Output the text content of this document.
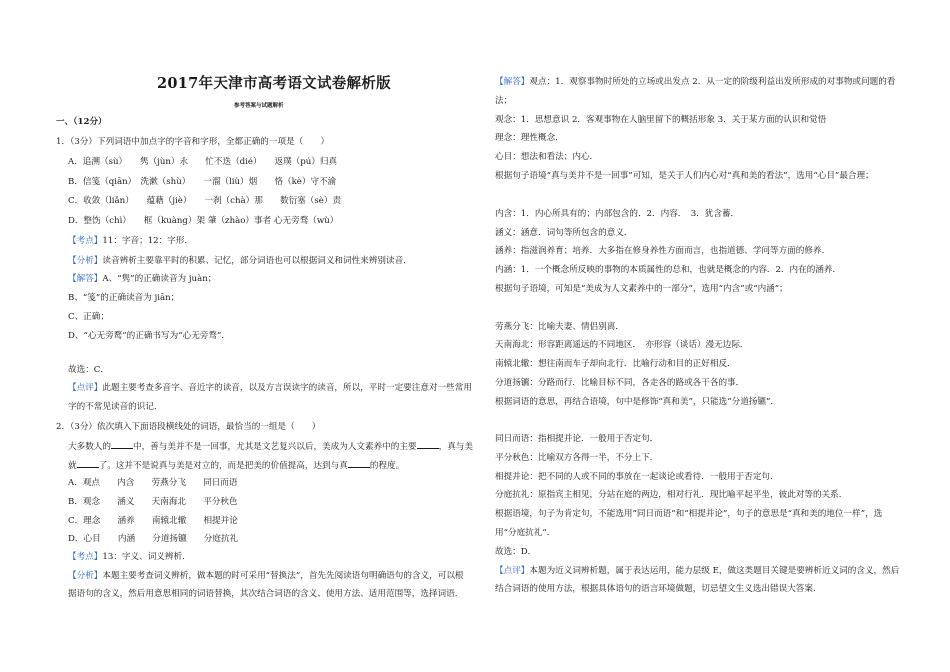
2017年天津市高考语文试卷解析版

参考答案与试题解析

一、（12分）

1．（3分）下列词语中加点字的字音和字形，全都正确的一项是（　　）

A．追溯（sù）　　隽（jùn）永　　忙不迭（dié）　　返璞（pú）归真

B．信笺（qiān）　洗漱（shù）　　一溜（liù）烟　　恪（kè）守不渝

C．收敛（liǎn）　　蕴藉（jiè）　　一刹（chà）那　　数衍塞（sè）责

D．整饬（chì）　　框（kuàng）架 肇（zhào）事者 心无旁骛（wù）

【考点】11：字音；12：字形．

【分析】读音辨析主要靠平时的积累、记忆，部分词语也可以根据词义和词性来辨别读音．

【解答】A、“隽”的正确读音为 juàn；

B、“笺”的正确读音为 jiān；

C、正确；

D、“心无旁鹜”的正确书写为“心无旁骛”．

故选：C．

【点评】此题主要考查多音字、音近字的读音，以及方言误读字的读音，所以，平时一定要注意对一些常用

字的不常见读音的识记．

2．（3分）依次填入下面语段横线处的词语，最恰当的一组是（　　）

大多数人的	中，善与美并不是一回事，尤其是文艺复兴以后，美成为人文素养中的主要	，真与美

就	了。这并不是说真与美是对立的，而是把美的价值提高，达到与真	的程度。

A．观点　　内含　　劳燕分飞　　同日而语

B．观念　　涵义　　天南海北　　平分秋色

C．理念　　涵养　　南辕北辙　　相提并论

D．心目　　内涵　　分道扬镳　　分庭抗礼

【考点】13：字义、词义辨析．

【分析】本题主要考查词义辨析，做本题的时可采用“替换法”，首先先阅读语句明确语句的含义，可以根

据语句的含义，然后用意思相同的词语替换，其次结合词语的含义、使用方法、适用范围等，选择词语．

【解答】观点：1．观察事物时所处的立场或出发点 2．从一定的阶级利益出发所形成的对事物或问题的看

法；

观念：1．思想意识 2．客观事物在人脑里留下的概括形象 3．关于某方面的认识和觉悟

理念：理性概念．

心目：想法和看法；内心．

根据句子语境“真与美并不是一回事”可知，是关于人们内心对“真和美的看法”，选用“心目”最合理；

内含：1．内心所具有的；内部包含的．2．内容．　3．犹含蓄．

涵义：涵意．词句等所包含的意义．

涵养：指滋润养育；培养．大多指在修身养性方面而言，也指道德、学问等方面的修养．

内涵：1．一个概念所反映的事物的本质属性的总和，也就是概念的内容．2．内在的涵养．

根据句子语境，可知是“美成为人文素养中的一部分”，选用“内含”或“内涵”；

劳燕分飞：比喻夫妻、情侣别离．

天南海北：形容距离遥远的不同地区．　亦形容（谈话）漫无边际．

南辕北辙：想往南而车子却向北行．比喻行动和目的正好相反．

分道扬镳：分路而行．比喻目标不同，各走各的路或各干各的事．

根据词语的意思，再结合语境，句中是修饰“真和美”，只能选“分道扬镳”．

同日而语：指相提并论．一般用于否定句．

平分秋色：比喻双方各得一半，不分上下．

相提并论：把不同的人或不同的事放在一起谈论或看待．一般用于否定句．

分庭抗礼：原指宾主相见，分站在庭的两边，相对行礼．现比喻平起平坐，彼此对等的关系．

根据语境，句子为肯定句，不能选用“同日而语”和“相提并论”，句子的意思是“真和美的地位一样”，选

用“分庭抗礼”．

故选：D．

【点评】本题为近义词辨析题，属于表达运用，能力层级 E，做这类题目关键是要辨析近义词的含义，然后

结合词语的使用方法，根据具体语句的语言环境做题，切忌望文生义选出错误大答案．
